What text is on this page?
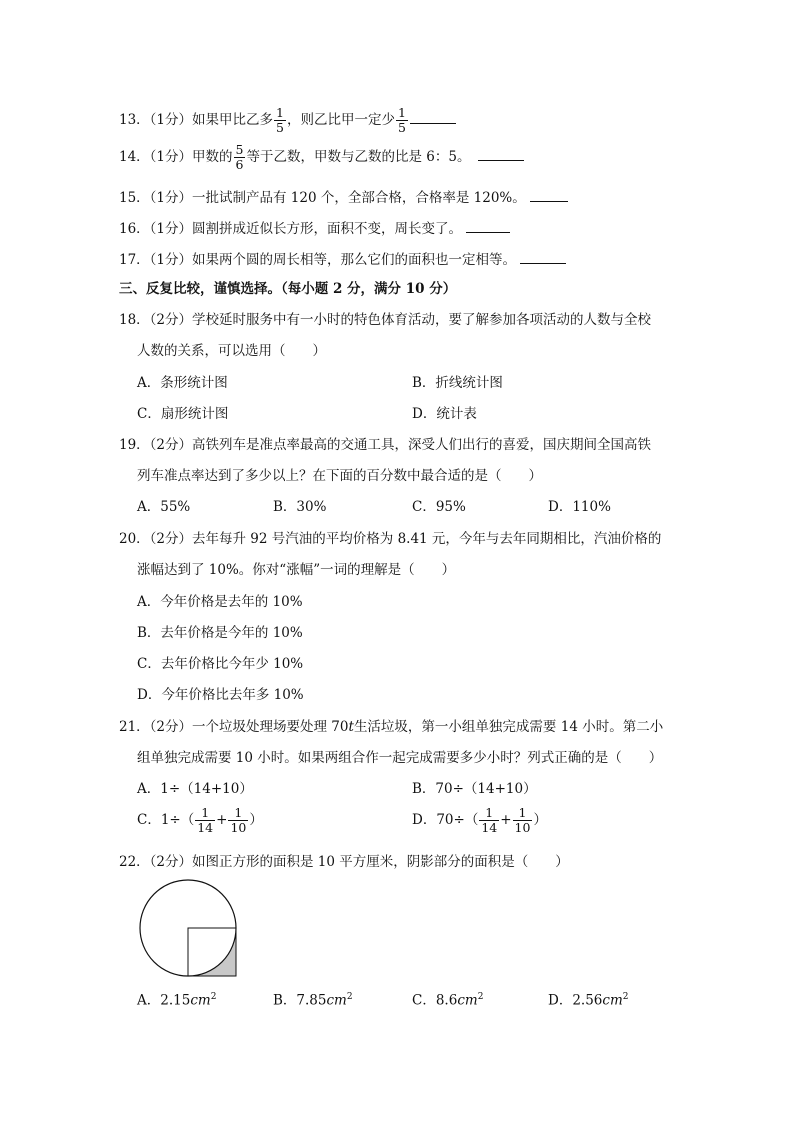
13．（1分）如果甲比乙多 $\frac{1}{5}$ ，则乙比甲一定少 $\frac{1}{5}$
14．（1分）甲数的 $\frac{5}{6}$ 等于乙数，甲数与乙数的比是 6：5。
15．（1分）一批试制产品有 120 个，全部合格，合格率是 120%。
16．（1分）圆割拼成近似长方形，面积不变，周长变了。
17．（1分）如果两个圆的周长相等，那么它们的面积也一定相等。
三、反复比较，谨慎选择。（每小题 2 分，满分 10 分）
18．（2分）学校延时服务中有一小时的特色体育活动，要了解参加各项活动的人数与全校
人数的关系，可以选用（　　）
A．条形统计图	B．折线统计图
C．扇形统计图	D．统计表
19．（2分）高铁列车是准点率最高的交通工具，深受人们出行的喜爱，国庆期间全国高铁
列车准点率达到了多少以上？在下面的百分数中最合适的是（　　）
A．55%	B．30%	C．95%	D．110%
20．（2分）去年每升 92 号汽油的平均价格为 8.41 元，今年与去年同期相比，汽油价格的
涨幅达到了 10%。你对“涨幅”一词的理解是（　　）
A．今年价格是去年的 10%
B．去年价格是今年的 10%
C．去年价格比今年少 10%
D．今年价格比去年多 10%
21．（2分）一个垃圾处理场要处理 70t生活垃圾，第一小组单独完成需要 14 小时。第二小
组单独完成需要 10 小时。如果两组合作一起完成需要多少小时？列式正确的是（　　）
A．1÷（14+10）	B．70÷（14+10）
C．$1\div( \frac{1}{14} + \frac{1}{10}$ ）	D．$70\div( \frac{1}{14} + \frac{1}{10}$ ）
22．（2分）如图正方形的面积是 10 平方厘米，阴影部分的面积是（　　）
A．$2.15cm^2$	B．$7.85cm^2$	C．$8.6cm^2$	D．$2.56cm^2$
